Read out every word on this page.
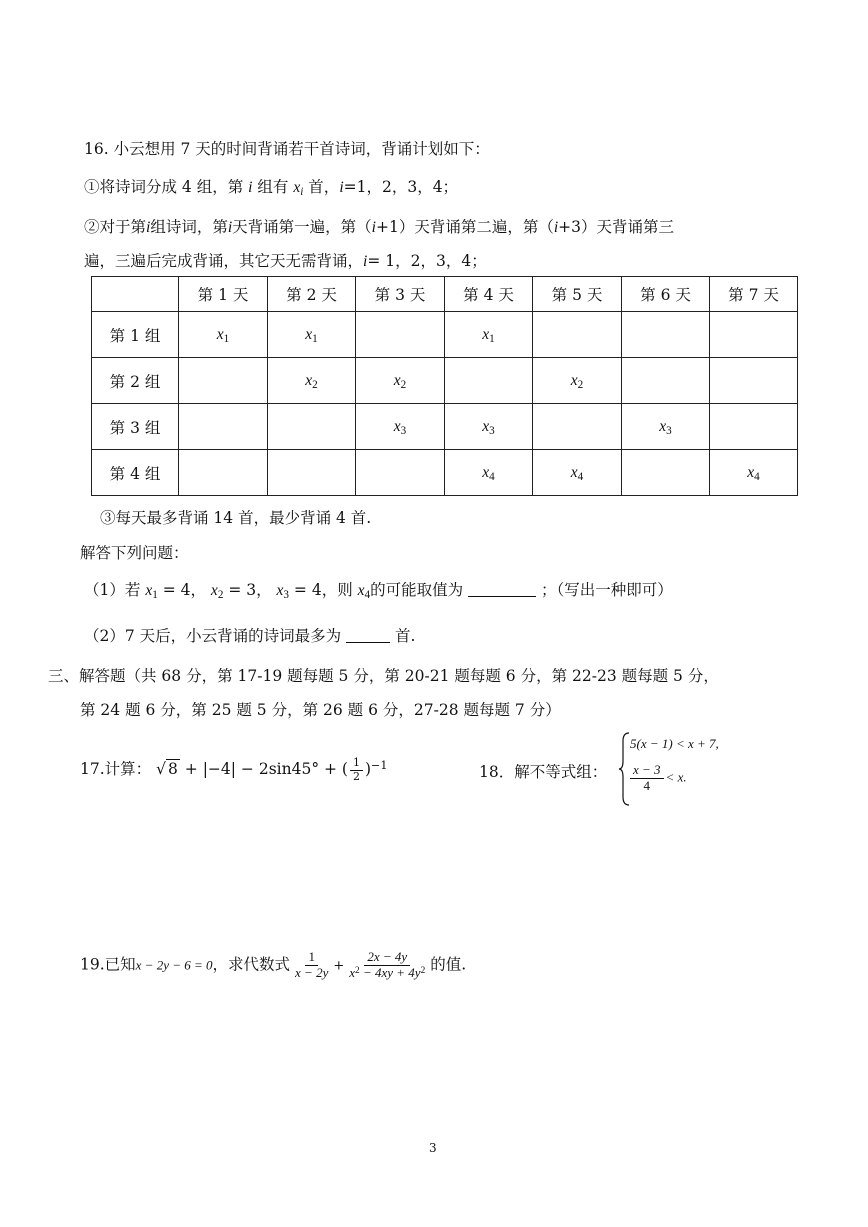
16. 小云想用 7 天的时间背诵若干首诗词，背诵计划如下：
①将诗词分成 4 组，第 i 组有 $x_i$ 首，i=1，2，3，4；
②对于第i组诗词，第i天背诵第一遍，第（i+1）天背诵第二遍，第（i+3）天背诵第三
遍，三遍后完成背诵，其它天无需背诵，i= 1，2，3，4；
	第 1 天	第 2 天	第 3 天	第 4 天	第 5 天	第 6 天	第 7 天
第 1 组	$x_1$	$x_1$		$x_1$			
第 2 组		$x_2$	$x_2$		$x_2$		
第 3 组			$x_3$	$x_3$		$x_3$	
第 4 组				$x_4$	$x_4$		$x_4$
③每天最多背诵 14 首，最少背诵 4 首.
解答下列问题：
（1）若 $x_1 = 4$， $x_2 = 3$， $x_3 = 4$，则 $x_4$的可能取值为	；（写出一种即可）
（2）7 天后，小云背诵的诗词最多为	首.
三、解答题（共 68 分，第 17-19 题每题 5 分，第 20-21 题每题 6 分，第 22-23 题每题 5 分，
第 24 题 6 分，第 25 题 5 分，第 26 题 6 分，27-28 题每题 7 分）
17.计算： √ 8 + |−4| − 2sin45° + ( $\frac{1}{2} )^{-1}$	18．解不等式组：
5(x − 1) < x + 7,
$\frac{x - 3}{4} < x$.
19.已知x − 2y − 6 = 0，求代数式 $\frac{1}{x - 2y} + \frac{2x - 4y}{x^2 - 4xy + 4y^2}$ 的值.
3
